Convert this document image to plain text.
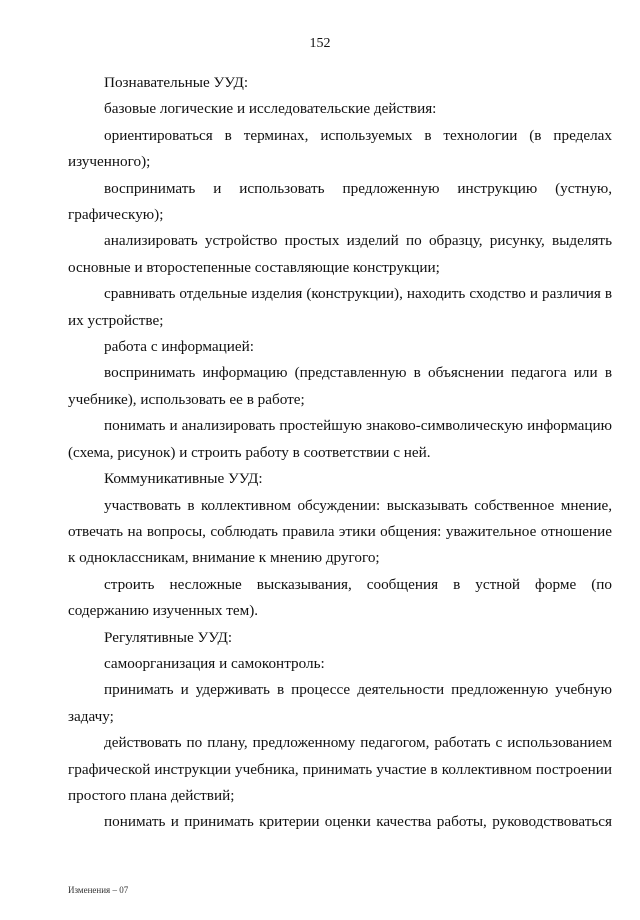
152

Познавательные УУД:

базовые логические и исследовательские действия:

ориентироваться в терминах, используемых в технологии (в пределах изученного);

воспринимать и использовать предложенную инструкцию (устную, графическую);

анализировать устройство простых изделий по образцу, рисунку, выделять основные и второстепенные составляющие конструкции;

сравнивать отдельные изделия (конструкции), находить сходство и различия в их устройстве;

работа с информацией:

воспринимать информацию (представленную в объяснении педагога или в учебнике), использовать ее в работе;

понимать и анализировать простейшую знаково-символическую информацию (схема, рисунок) и строить работу в соответствии с ней.

Коммуникативные УУД:

участвовать в коллективном обсуждении: высказывать собственное мнение, отвечать на вопросы, соблюдать правила этики общения: уважительное отношение к одноклассникам, внимание к мнению другого;

строить несложные высказывания, сообщения в устной форме (по содержанию изученных тем).

Регулятивные УУД:

самоорганизация и самоконтроль:

принимать и удерживать в процессе деятельности предложенную учебную задачу;

действовать по плану, предложенному педагогом, работать с использованием графической инструкции учебника, принимать участие в коллективном построении простого плана действий;

понимать и принимать критерии оценки качества работы, руководствоваться

Изменения – 07
